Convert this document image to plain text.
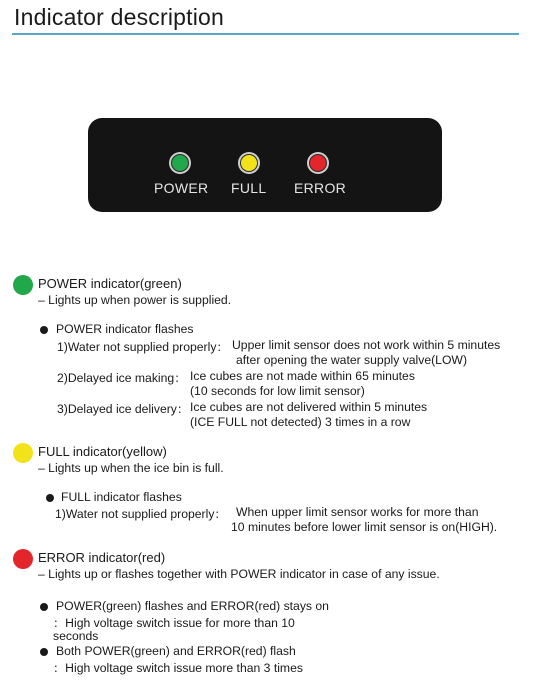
Indicator description
POWER FULL ERROR
POWER indicator(green)
– Lights up when power is supplied.
POWER indicator flashes
1)Water not supplied properly： Upper limit sensor does not work within 5 minutes
after opening the water supply valve(LOW)
2)Delayed ice making： Ice cubes are not made within 65 minutes
(10 seconds for low limit sensor)
3)Delayed ice delivery： Ice cubes are not delivered within 5 minutes
(ICE FULL not detected) 3 times in a row
FULL indicator(yellow)
– Lights up when the ice bin is full.
FULL indicator flashes
1)Water not supplied properly： When upper limit sensor works for more than
10 minutes before lower limit sensor is on(HIGH).
ERROR indicator(red)
– Lights up or flashes together with POWER indicator in case of any issue.
POWER(green) flashes and ERROR(red) stays on
：High voltage switch issue for more than 10
seconds
Both POWER(green) and ERROR(red) flash
：High voltage switch issue more than 3 times
